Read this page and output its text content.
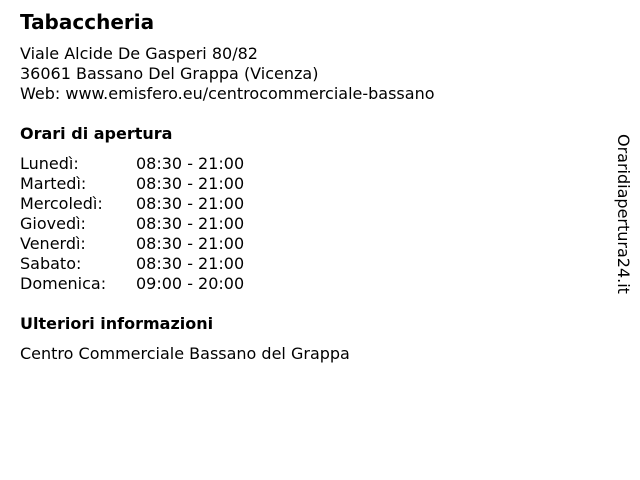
Tabaccheria
Viale Alcide De Gasperi 80/82
36061 Bassano Del Grappa (Vicenza)
Web: www.emisfero.eu/centrocommerciale-bassano
Orari di apertura
Lunedì:	08:30 - 21:00
Martedì:	08:30 - 21:00
Mercoledì:	08:30 - 21:00
Giovedì:	08:30 - 21:00
Venerdì:	08:30 - 21:00
Sabato:	08:30 - 21:00
Domenica:	09:00 - 20:00
Ulteriori informazioni
Centro Commerciale Bassano del Grappa
Oraridiapertura24.it
